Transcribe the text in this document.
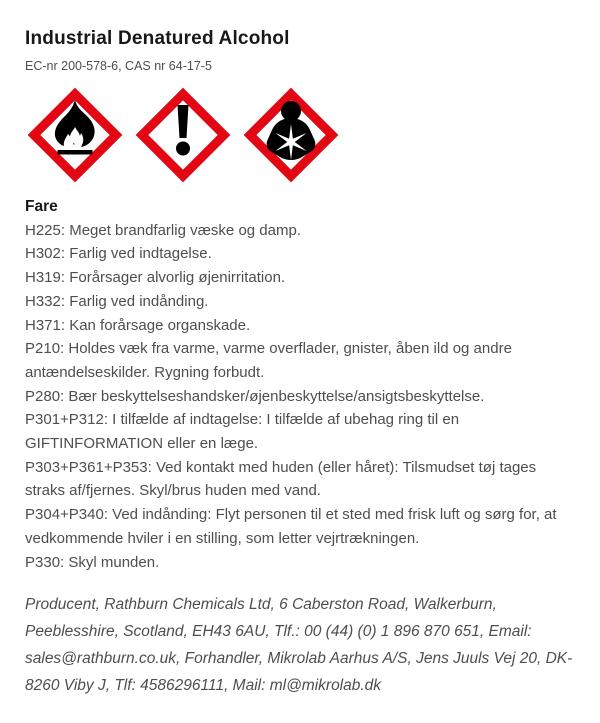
Industrial Denatured Alcohol
EC-nr 200-578-6, CAS nr 64-17-5
Fare

H225: Meget brandfarlig væske og damp.

H302: Farlig ved indtagelse.

H319: Forårsager alvorlig øjenirritation.

H332: Farlig ved indånding.

H371: Kan forårsage organskade.

P210: Holdes væk fra varme, varme overflader, gnister, åben ild og andre antændelseskilder. Rygning forbudt.

P280: Bær beskyttelseshandsker/øjenbeskyttelse/ansigtsbeskyttelse.

P301+P312: I tilfælde af indtagelse: I tilfælde af ubehag ring til en GIFTINFORMATION eller en læge.

P303+P361+P353: Ved kontakt med huden (eller håret): Tilsmudset tøj tages straks af/fjernes. Skyl/brus huden med vand.

P304+P340: Ved indånding: Flyt personen til et sted med frisk luft og sørg for, at vedkommende hviler i en stilling, som letter vejrtrækningen.

P330: Skyl munden.

Producent, Rathburn Chemicals Ltd, 6 Caberston Road, Walkerburn, Peeblesshire, Scotland, EH43 6AU, Tlf.: 00 (44) (0) 1 896 870 651, Email: sales@rathburn.co.uk, Forhandler, Mikrolab Aarhus A/S, Jens Juuls Vej 20, DK-8260 Viby J, Tlf: 4586296111, Mail: ml@mikrolab.dk
